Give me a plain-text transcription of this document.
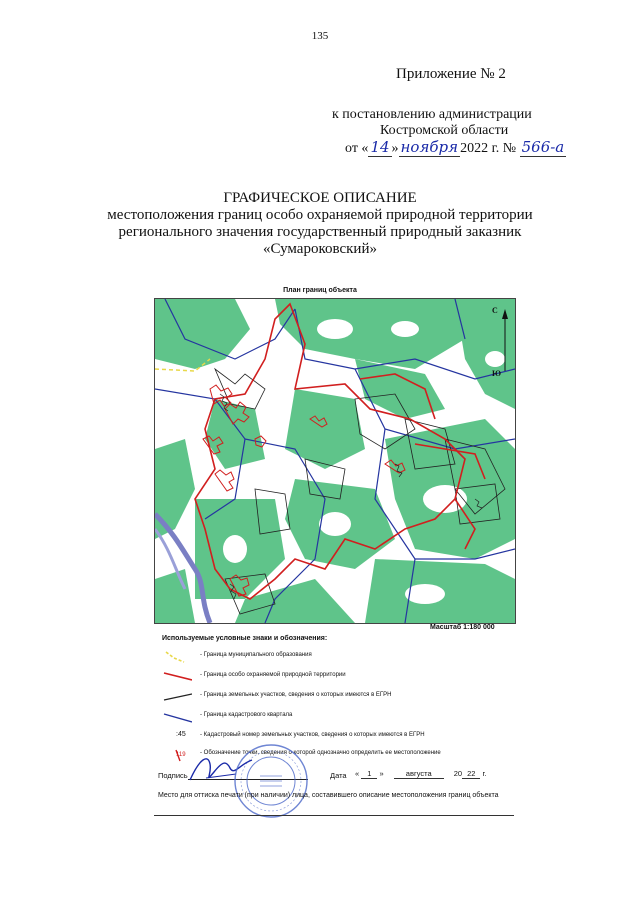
135
Приложение № 2
к постановлению администрации
Костромской области
от « 14 » ноября 2022 г. № 566-а
ГРАФИЧЕСКОЕ ОПИСАНИЕ
местоположения границ особо охраняемой природной территории
регионального значения государственный природный заказник
«Сумароковский»
План границ объекта
С
Ю
Масштаб 1:180 000
Используемые условные знаки и обозначения:
- Граница муниципального образования
- Граница особо охраняемой природной территории
- Граница земельных участков, сведения о которых имеются в ЕГРН
- Граница кадастрового квартала
:45 - Кадастровый номер земельных участков, сведения о которых имеются в ЕГРН
119 - Обозначение точки, сведения о которой однозначно определить ее местоположение
Подпись	Дата « 1 »	августа	20 22 г.
Место для оттиска печати (при наличии) лица, составившего описание местоположения границ объекта
